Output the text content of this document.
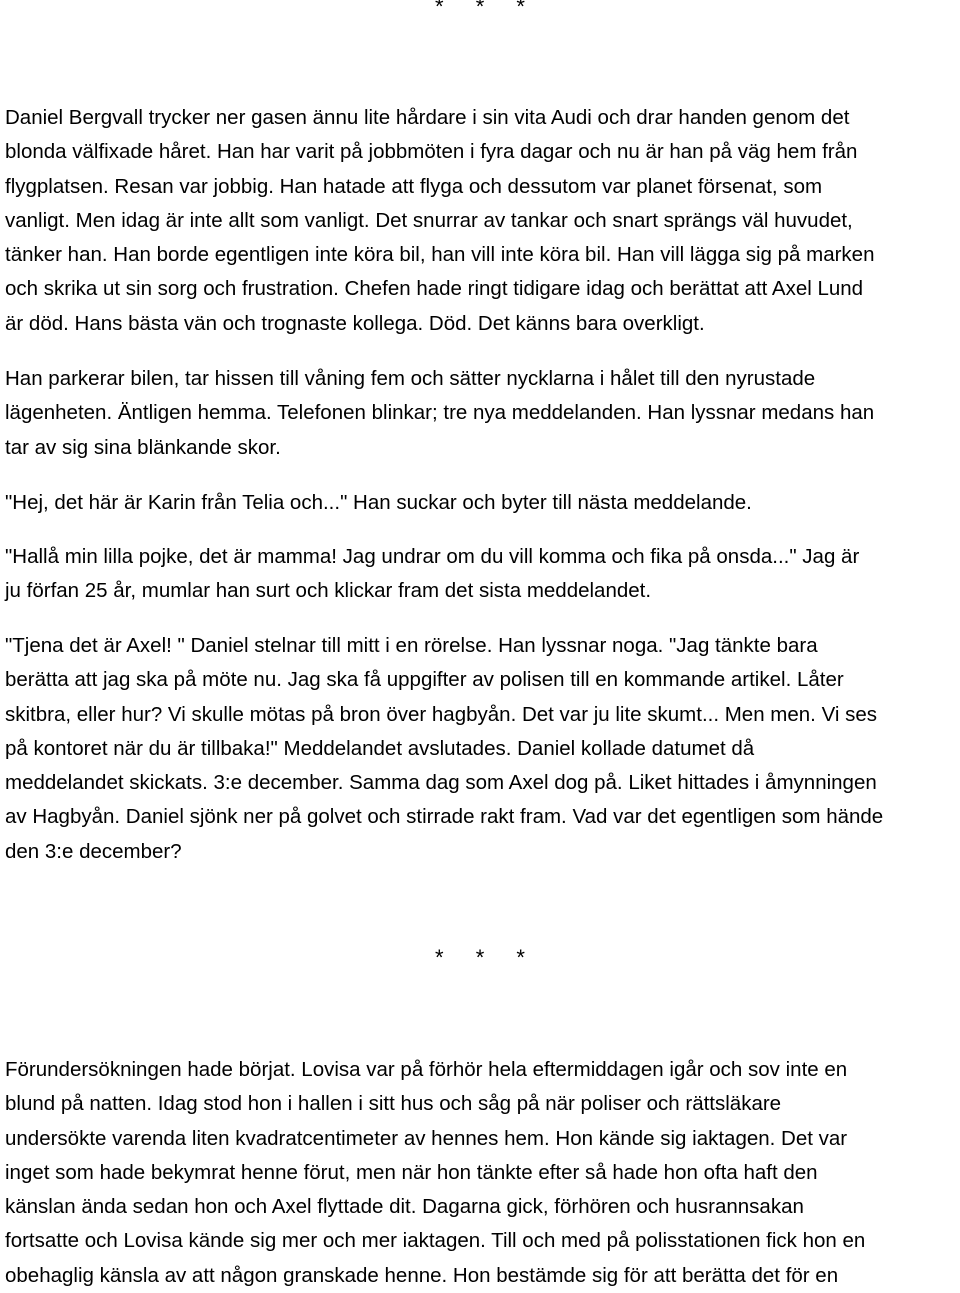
* * *
Daniel Bergvall trycker ner gasen ännu lite hårdare i sin vita Audi och drar handen genom det
blonda välfixade håret. Han har varit på jobbmöten i fyra dagar och nu är han på väg hem från
flygplatsen. Resan var jobbig. Han hatade att flyga och dessutom var planet försenat, som
vanligt. Men idag är inte allt som vanligt. Det snurrar av tankar och snart sprängs väl huvudet,
tänker han. Han borde egentligen inte köra bil, han vill inte köra bil. Han vill lägga sig på marken
och skrika ut sin sorg och frustration. Chefen hade ringt tidigare idag och berättat att Axel Lund
är död. Hans bästa vän och trognaste kollega. Död. Det känns bara overkligt.
Han parkerar bilen, tar hissen till våning fem och sätter nycklarna i hålet till den nyrustade
lägenheten. Äntligen hemma. Telefonen blinkar; tre nya meddelanden. Han lyssnar medans han
tar av sig sina blänkande skor.
"Hej, det här är Karin från Telia och..." Han suckar och byter till nästa meddelande.
"Hallå min lilla pojke, det är mamma! Jag undrar om du vill komma och fika på onsda..." Jag är
ju förfan 25 år, mumlar han surt och klickar fram det sista meddelandet.
"Tjena det är Axel! " Daniel stelnar till mitt i en rörelse. Han lyssnar noga. "Jag tänkte bara
berätta att jag ska på möte nu. Jag ska få uppgifter av polisen till en kommande artikel. Låter
skitbra, eller hur? Vi skulle mötas på bron över hagbyån. Det var ju lite skumt... Men men. Vi ses
på kontoret när du är tillbaka!" Meddelandet avslutades. Daniel kollade datumet då
meddelandet skickats. 3:e december. Samma dag som Axel dog på. Liket hittades i åmynningen
av Hagbyån. Daniel sjönk ner på golvet och stirrade rakt fram. Vad var det egentligen som hände
den 3:e december?
* * *
Förundersökningen hade börjat. Lovisa var på förhör hela eftermiddagen igår och sov inte en
blund på natten. Idag stod hon i hallen i sitt hus och såg på när poliser och rättsläkare
undersökte varenda liten kvadratcentimeter av hennes hem. Hon kände sig iaktagen. Det var
inget som hade bekymrat henne förut, men när hon tänkte efter så hade hon ofta haft den
känslan ända sedan hon och Axel flyttade dit. Dagarna gick, förhören och husrannsakan
fortsatte och Lovisa kände sig mer och mer iaktagen. Till och med på polisstationen fick hon en
obehaglig känsla av att någon granskade henne. Hon bestämde sig för att berätta det för en
